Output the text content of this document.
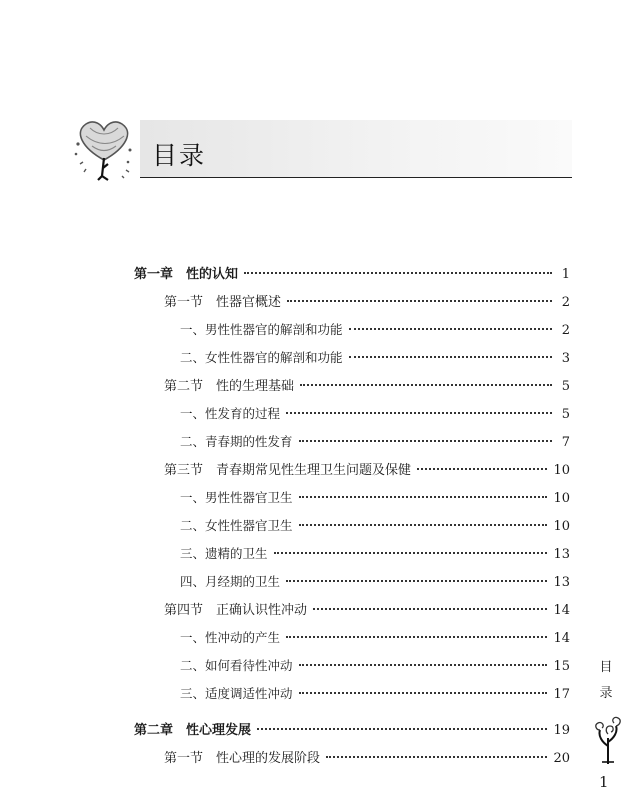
目录
第一章　性的认知	1
第一节　性器官概述	2
一、男性性器官的解剖和功能	2
二、女性性器官的解剖和功能	3
第二节　性的生理基础	5
一、性发育的过程	5
二、青春期的性发育	7
第三节　青春期常见性生理卫生问题及保健	10
一、男性性器官卫生	10
二、女性性器官卫生	10
三、遗精的卫生	13
四、月经期的卫生	13
第四节　正确认识性冲动	14
一、性冲动的产生	14
二、如何看待性冲动	15
三、适度调适性冲动	17
第二章　性心理发展	19
第一节　性心理的发展阶段	20
目
录
1
